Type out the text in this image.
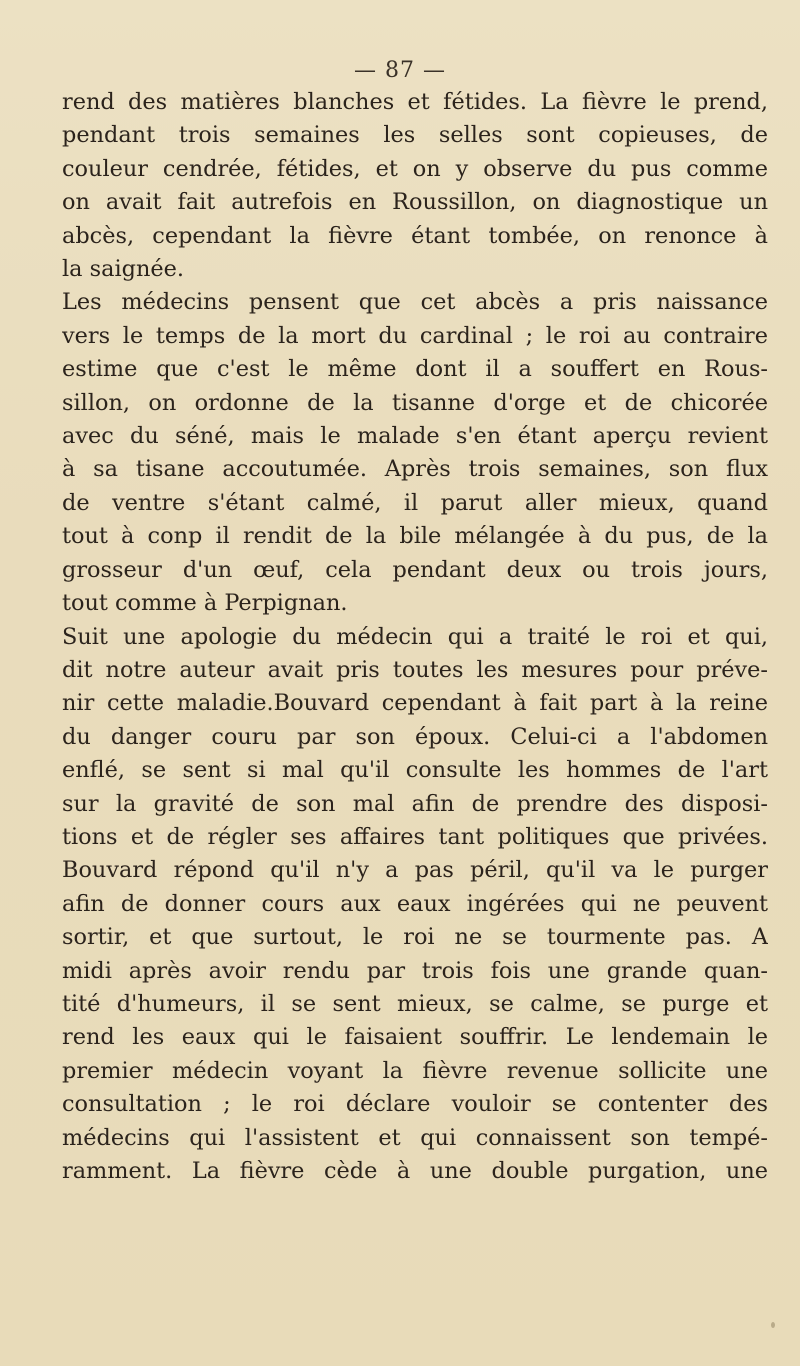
— 87 —
rend des matières blanches et fétides. La fièvre le prend,
pendant trois semaines les selles sont copieuses, de
couleur cendrée, fétides, et on y observe du pus comme
on avait fait autrefois en Roussillon, on diagnostique un
abcès, cependant la fièvre étant tombée, on renonce à
la saignée.
Les médecins pensent que cet abcès a pris naissance
vers le temps de la mort du cardinal ; le roi au contraire
estime que c'est le même dont il a souffert en Rous-
sillon, on ordonne de la tisanne d'orge et de chicorée
avec du séné, mais le malade s'en étant aperçu revient
à sa tisane accoutumée. Après trois semaines, son flux
de ventre s'étant calmé, il parut aller mieux, quand
tout à conp il rendit de la bile mélangée à du pus, de la
grosseur d'un œuf, cela pendant deux ou trois jours,
tout comme à Perpignan.
Suit une apologie du médecin qui a traité le roi et qui,
dit notre auteur avait pris toutes les mesures pour préve-
nir cette maladie.Bouvard cependant à fait part à la reine
du danger couru par son époux. Celui-ci a l'abdomen
enflé, se sent si mal qu'il consulte les hommes de l'art
sur la gravité de son mal afin de prendre des disposi-
tions et de régler ses affaires tant politiques que privées.
Bouvard répond qu'il n'y a pas péril, qu'il va le purger
afin de donner cours aux eaux ingérées qui ne peuvent
sortir, et que surtout, le roi ne se tourmente pas. A
midi après avoir rendu par trois fois une grande quan-
tité d'humeurs, il se sent mieux, se calme, se purge et
rend les eaux qui le faisaient souffrir. Le lendemain le
premier médecin voyant la fièvre revenue sollicite une
consultation ; le roi déclare vouloir se contenter des
médecins qui l'assistent et qui connaissent son tempé-
ramment. La fièvre cède à une double purgation, une
